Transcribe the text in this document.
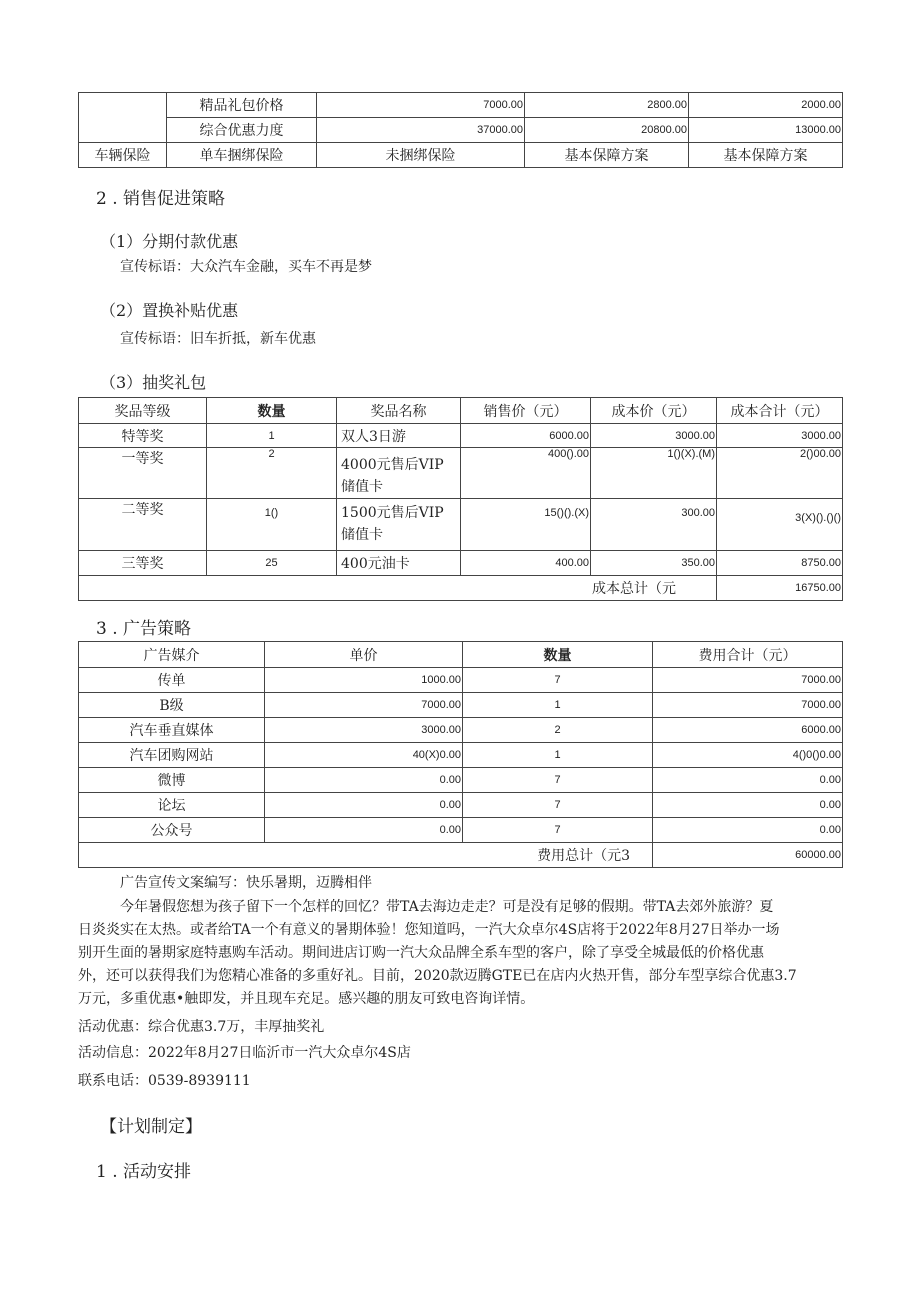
	精品礼包价格	7000.00	2800.00	2000.00
	综合优惠力度	37000.00	20800.00	13000.00
车辆保险	单车捆绑保险	未捆绑保险	基本保障方案	基本保障方案
2 . 销售促进策略
（1）分期付款优惠
宣传标语：大众汽车金融，买车不再是梦
（2）置换补贴优惠
宣传标语：旧车折抵，新车优惠
（3）抽奖礼包
奖品等级	数量	奖品名称	销售价（元）	成本价（元）	成本合计（元）
特等奖	1	双人3日游	6000.00	3000.00	3000.00
一等奖	2	4000元售后VIP储值卡	400().00	1()(X).(M)	2()00.00
二等奖	1()	1500元售后VIP储值卡	15()().(X)	300.00	3(X)().()()
三等奖	25	400元油卡	400.00	350.00	8750.00
成本总计（元					16750.00
3 . 广告策略
广告媒介	单价	数量	费用合计（元）
传单	1000.00	7	7000.00
B级	7000.00	1	7000.00
汽车垂直媒体	3000.00	2	6000.00
汽车团购网站	40(X)0.00	1	4()0()0.00
微博	0.00	7	0.00
论坛	0.00	7	0.00
公众号	0.00	7	0.00
费用总计（元3			60000.00
广告宣传文案编写：快乐暑期，迈腾相伴
今年暑假您想为孩子留下一个怎样的回忆？带TA去海边走走？可是没有足够的假期。带TA去郊外旅游？夏
日炎炎实在太热。或者给TA一个有意义的暑期体验！您知道吗，一汽大众卓尔4S店将于2022年8月27日举办一场
别开生面的暑期家庭特惠购车活动。期间进店订购一汽大众品牌全系车型的客户，除了享受全城最低的价格优惠
外，还可以获得我们为您精心准备的多重好礼。目前，2020款迈腾GTE已在店内火热开售，部分车型享综合优惠3.7
万元，多重优惠•触即发，并且现车充足。感兴趣的朋友可致电咨询详情。
活动优惠：综合优惠3.7万，丰厚抽奖礼
活动信息：2022年8月27日临沂市一汽大众卓尔4S店
联系电话：0539-8939111
【计划制定】
1 . 活动安排
